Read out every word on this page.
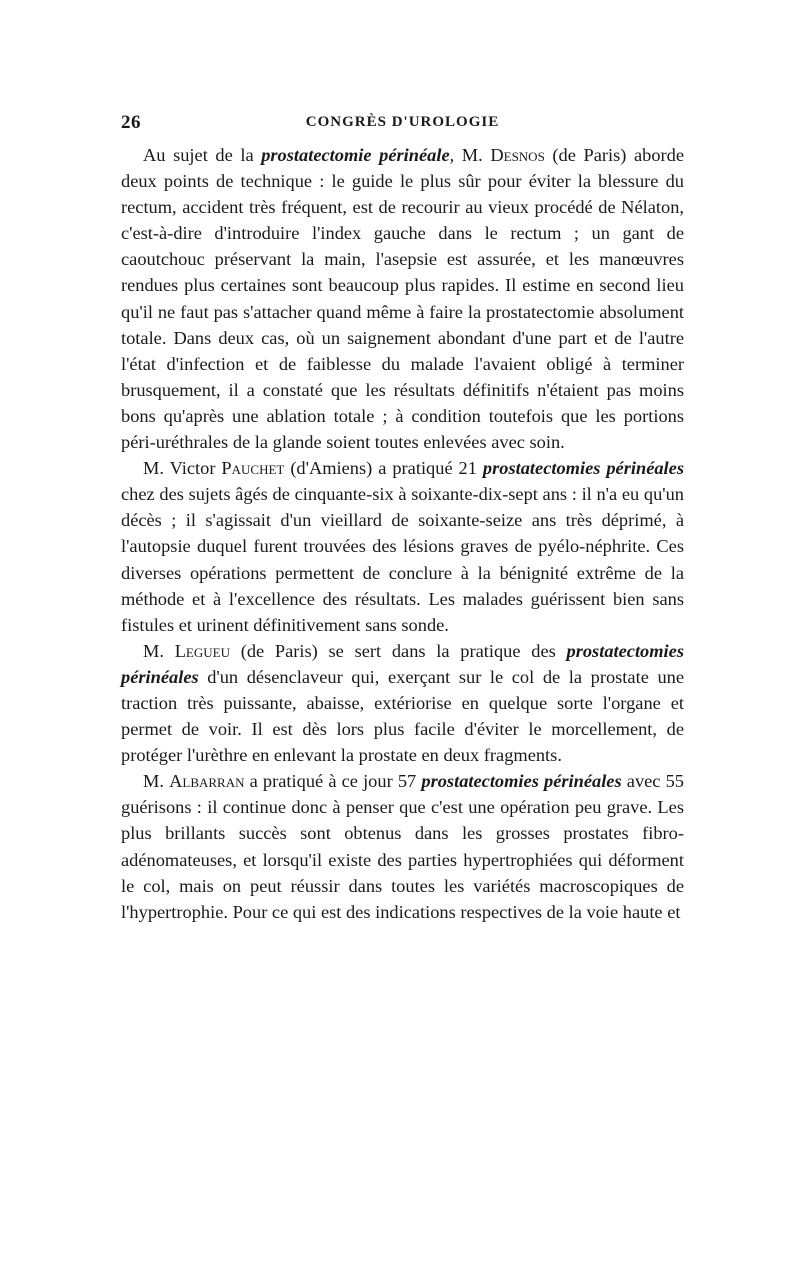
26	CONGRÈS D'UROLOGIE

Au sujet de la prostatectomie périnéale, M. Desnos (de Paris) aborde deux points de technique : le guide le plus sûr pour éviter la blessure du rectum, accident très fréquent, est de recourir au vieux procédé de Nélaton, c'est-à-dire d'introduire l'index gauche dans le rectum ; un gant de caoutchouc préservant la main, l'asepsie est assurée, et les manœuvres rendues plus certaines sont beaucoup plus rapides. Il estime en second lieu qu'il ne faut pas s'attacher quand même à faire la prostatectomie absolument totale. Dans deux cas, où un saignement abondant d'une part et de l'autre l'état d'infection et de faiblesse du malade l'avaient obligé à terminer brusquement, il a constaté que les résultats définitifs n'étaient pas moins bons qu'après une ablation totale ; à condition toutefois que les portions péri-uréthrales de la glande soient toutes enlevées avec soin.

M. Victor Pauchet (d'Amiens) a pratiqué 21 prostatectomies périnéales chez des sujets âgés de cinquante-six à soixante-dix-sept ans : il n'a eu qu'un décès ; il s'agissait d'un vieillard de soixante-seize ans très déprimé, à l'autopsie duquel furent trouvées des lésions graves de pyélo-néphrite. Ces diverses opérations permettent de conclure à la bénignité extrême de la méthode et à l'excellence des résultats. Les malades guérissent bien sans fistules et urinent définitivement sans sonde.

M. Legueu (de Paris) se sert dans la pratique des prostatectomies périnéales d'un désenclaveur qui, exerçant sur le col de la prostate une traction très puissante, abaisse, extériorise en quelque sorte l'organe et permet de voir. Il est dès lors plus facile d'éviter le morcellement, de protéger l'urèthre en enlevant la prostate en deux fragments.

M. Albarran a pratiqué à ce jour 57 prostatectomies périnéales avec 55 guérisons : il continue donc à penser que c'est une opération peu grave. Les plus brillants succès sont obtenus dans les grosses prostates fibro-adénomateuses, et lorsqu'il existe des parties hypertrophiées qui déforment le col, mais on peut réussir dans toutes les variétés macroscopiques de l'hypertrophie. Pour ce qui est des indications respectives de la voie haute et
